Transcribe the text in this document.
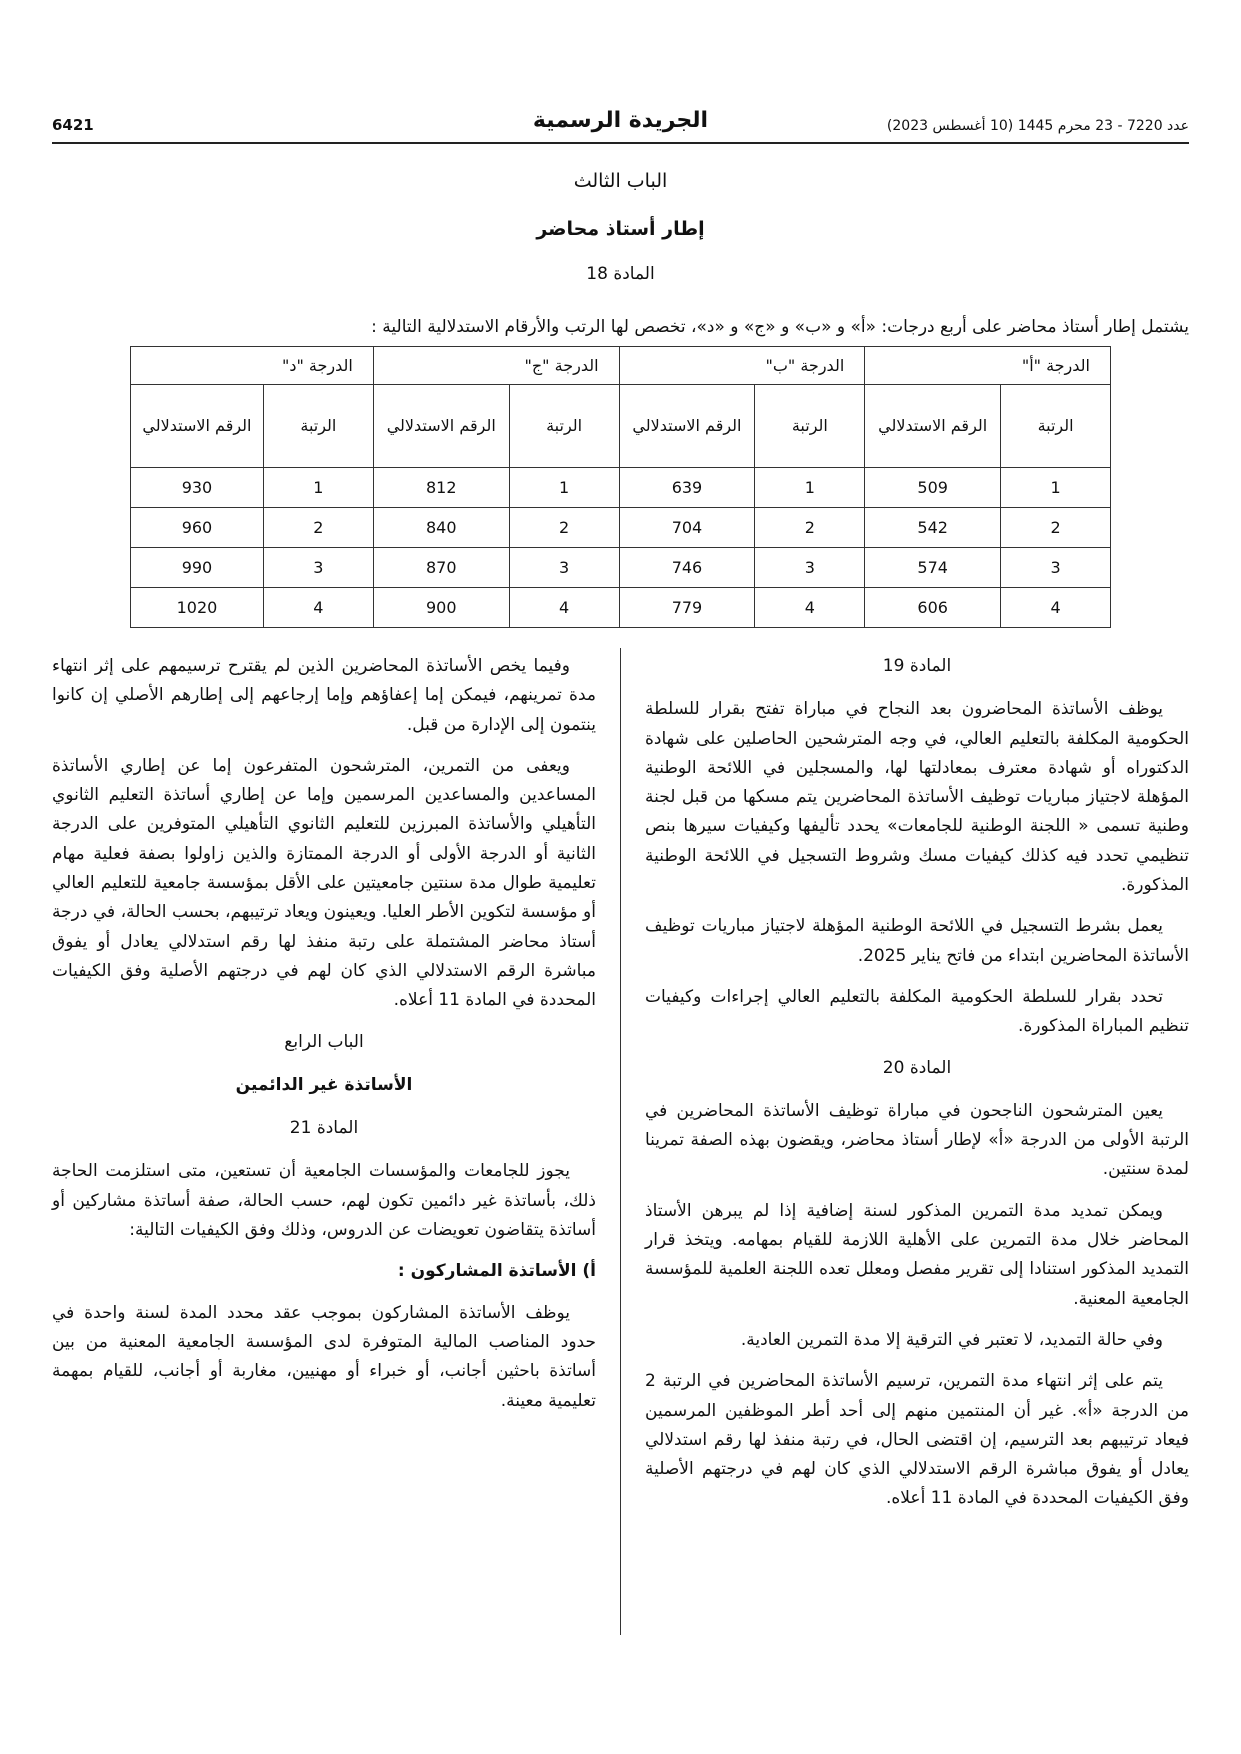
6421	الجريدة الرسمية	عدد 7220 - 23 محرم 1445 (10 أغسطس 2023)
الباب الثالث
إطار أستاذ محاضر
المادة 18
يشتمل إطار أستاذ محاضر على أربع درجات: «أ» و «ب» و «ج» و «د»، تخصص لها الرتب والأرقام الاستدلالية التالية :
الدرجة "أ"		الدرجة "ب"		الدرجة "ج"		الدرجة "د"	
الرتبة	الرقم الاستدلالي	الرتبة	الرقم الاستدلالي	الرتبة	الرقم الاستدلالي	الرتبة	الرقم الاستدلالي
1	509	1	639	1	812	1	930
2	542	2	704	2	840	2	960
3	574	3	746	3	870	3	990
4	606	4	779	4	900	4	1020

المادة 19

يوظف الأساتذة المحاضرون بعد النجاح في مباراة تفتح بقرار للسلطة الحكومية المكلفة بالتعليم العالي، في وجه المترشحين الحاصلين على شهادة الدكتوراه أو شهادة معترف بمعادلتها لها، والمسجلين في اللائحة الوطنية المؤهلة لاجتياز مباريات توظيف الأساتذة المحاضرين يتم مسكها من قبل لجنة وطنية تسمى « اللجنة الوطنية للجامعات» يحدد تأليفها وكيفيات سيرها بنص تنظيمي تحدد فيه كذلك كيفيات مسك وشروط التسجيل في اللائحة الوطنية المذكورة.

يعمل بشرط التسجيل في اللائحة الوطنية المؤهلة لاجتياز مباريات توظيف الأساتذة المحاضرين ابتداء من فاتح يناير 2025.

تحدد بقرار للسلطة الحكومية المكلفة بالتعليم العالي إجراءات وكيفيات تنظيم المباراة المذكورة.

المادة 20

يعين المترشحون الناجحون في مباراة توظيف الأساتذة المحاضرين في الرتبة الأولى من الدرجة «أ» لإطار أستاذ محاضر، ويقضون بهذه الصفة تمرينا لمدة سنتين.

ويمكن تمديد مدة التمرين المذكور لسنة إضافية إذا لم يبرهن الأستاذ المحاضر خلال مدة التمرين على الأهلية اللازمة للقيام بمهامه. ويتخذ قرار التمديد المذكور استنادا إلى تقرير مفصل ومعلل تعده اللجنة العلمية للمؤسسة الجامعية المعنية.

وفي حالة التمديد، لا تعتبر في الترقية إلا مدة التمرين العادية.

يتم على إثر انتهاء مدة التمرين، ترسيم الأساتذة المحاضرين في الرتبة 2 من الدرجة «أ». غير أن المنتمين منهم إلى أحد أطر الموظفين المرسمين فيعاد ترتيبهم بعد الترسيم، إن اقتضى الحال، في رتبة منفذ لها رقم استدلالي يعادل أو يفوق مباشرة الرقم الاستدلالي الذي كان لهم في درجتهم الأصلية وفق الكيفيات المحددة في المادة 11 أعلاه.

وفيما يخص الأساتذة المحاضرين الذين لم يقترح ترسيمهم على إثر انتهاء مدة تمرينهم، فيمكن إما إعفاؤهم وإما إرجاعهم إلى إطارهم الأصلي إن كانوا ينتمون إلى الإدارة من قبل.

ويعفى من التمرين، المترشحون المتفرعون إما عن إطاري الأساتذة المساعدين والمساعدين المرسمين وإما عن إطاري أساتذة التعليم الثانوي التأهيلي والأساتذة المبرزين للتعليم الثانوي التأهيلي المتوفرين على الدرجة الثانية أو الدرجة الأولى أو الدرجة الممتازة والذين زاولوا بصفة فعلية مهام تعليمية طوال مدة سنتين جامعيتين على الأقل بمؤسسة جامعية للتعليم العالي أو مؤسسة لتكوين الأطر العليا. ويعينون ويعاد ترتيبهم، بحسب الحالة، في درجة أستاذ محاضر المشتملة على رتبة منفذ لها رقم استدلالي يعادل أو يفوق مباشرة الرقم الاستدلالي الذي كان لهم في درجتهم الأصلية وفق الكيفيات المحددة في المادة 11 أعلاه.

الباب الرابع

الأساتذة غير الدائمين

المادة 21

يجوز للجامعات والمؤسسات الجامعية أن تستعين، متى استلزمت الحاجة ذلك، بأساتذة غير دائمين تكون لهم، حسب الحالة، صفة أساتذة مشاركين أو أساتذة يتقاضون تعويضات عن الدروس، وذلك وفق الكيفيات التالية:

أ) الأساتذة المشاركون :

يوظف الأساتذة المشاركون بموجب عقد محدد المدة لسنة واحدة في حدود المناصب المالية المتوفرة لدى المؤسسة الجامعية المعنية من بين أساتذة باحثين أجانب، أو خبراء أو مهنيين، مغاربة أو أجانب، للقيام بمهمة تعليمية معينة.
